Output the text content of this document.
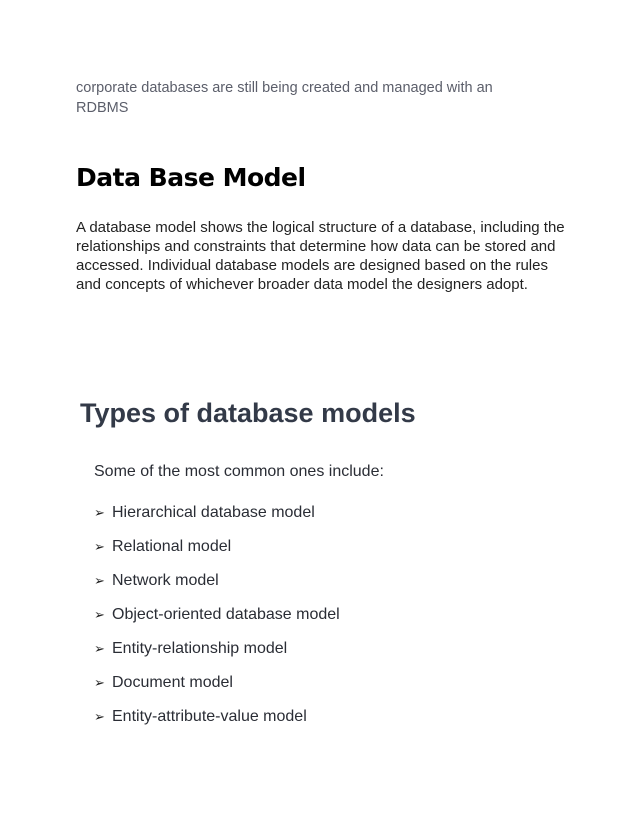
corporate databases are still being created and managed with an RDBMS

Data Base Model

A database model shows the logical structure of a database, including the relationships and constraints that determine how data can be stored and accessed. Individual database models are designed based on the rules and concepts of whichever broader data model the designers adopt.

Types of database models

Some of the most common ones include:

➢ Hierarchical database model
➢ Relational model
➢ Network model
➢ Object-oriented database model
➢ Entity-relationship model
➢ Document model
➢ Entity-attribute-value model
